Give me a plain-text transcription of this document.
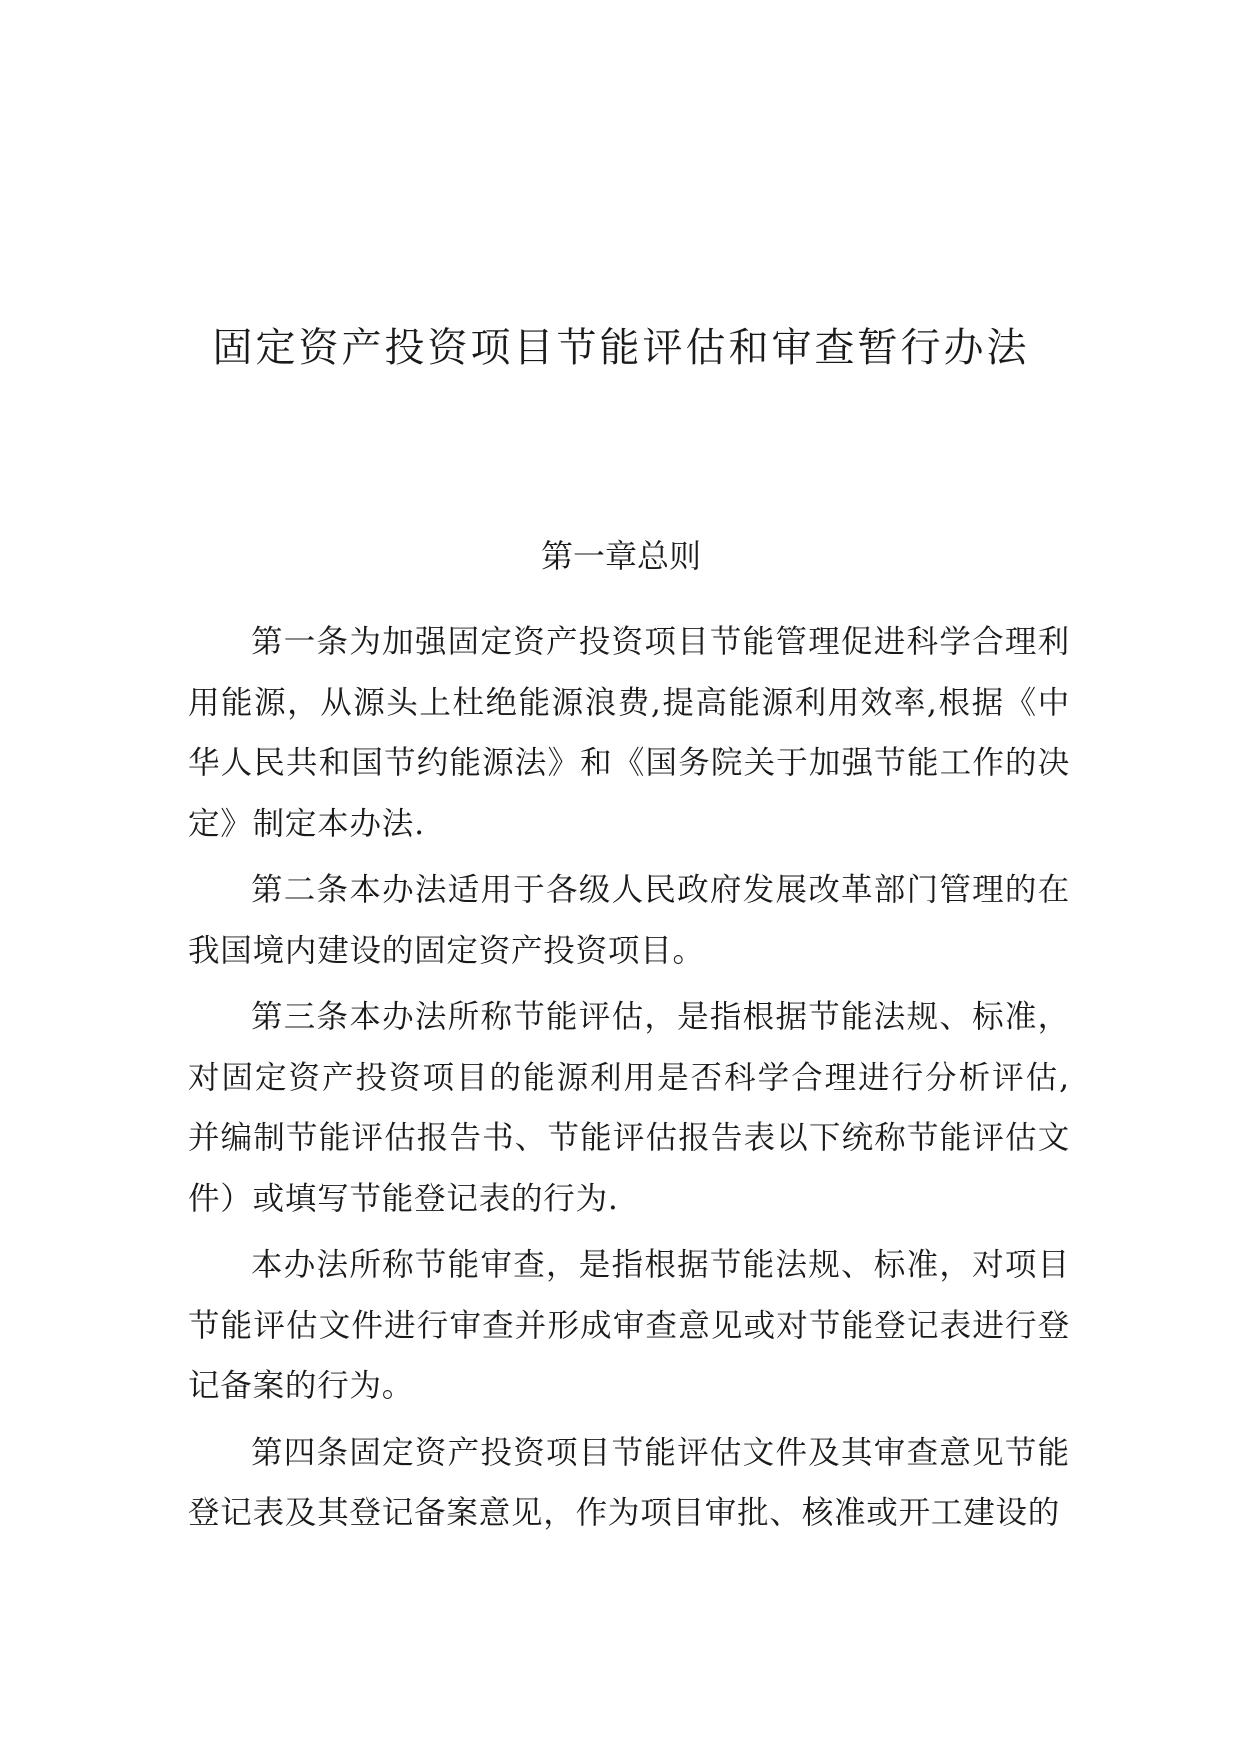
固定资产投资项目节能评估和审查暂行办法
第一章总则

第一条为加强固定资产投资项目节能管理促进科学合理利用能源，从源头上杜绝能源浪费,提高能源利用效率,根据《中华人民共和国节约能源法》和《国务院关于加强节能工作的决定》制定本办法.

第二条本办法适用于各级人民政府发展改革部门管理的在我国境内建设的固定资产投资项目。

第三条本办法所称节能评估，是指根据节能法规、标准，对固定资产投资项目的能源利用是否科学合理进行分析评估,并编制节能评估报告书、节能评估报告表以下统称节能评估文件）或填写节能登记表的行为.

本办法所称节能审查，是指根据节能法规、标准，对项目节能评估文件进行审查并形成审查意见或对节能登记表进行登记备案的行为。

第四条固定资产投资项目节能评估文件及其审查意见节能登记表及其登记备案意见，作为项目审批、核准或开工建设的
